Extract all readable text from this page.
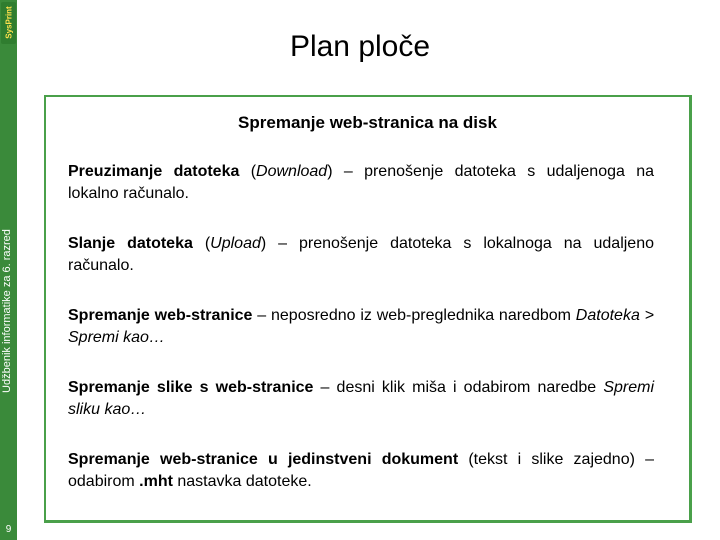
SysPrint
Udžbenik informatike za 6. razred
9
Plan ploče
Spremanje web-stranica na disk
Preuzimanje datoteka (Download) – prenošenje datoteka s udaljenoga na lokalno računalo.
Slanje datoteka (Upload) – prenošenje datoteka s lokalnoga na udaljeno računalo.
Spremanje web-stranice – neposredno iz web-preglednika naredbom Datoteka > Spremi kao…
Spremanje slike s web-stranice – desni klik miša i odabirom naredbe Spremi sliku kao…
Spremanje web-stranice u jedinstveni dokument (tekst i slike zajedno) – odabirom .mht nastavka datoteke.
